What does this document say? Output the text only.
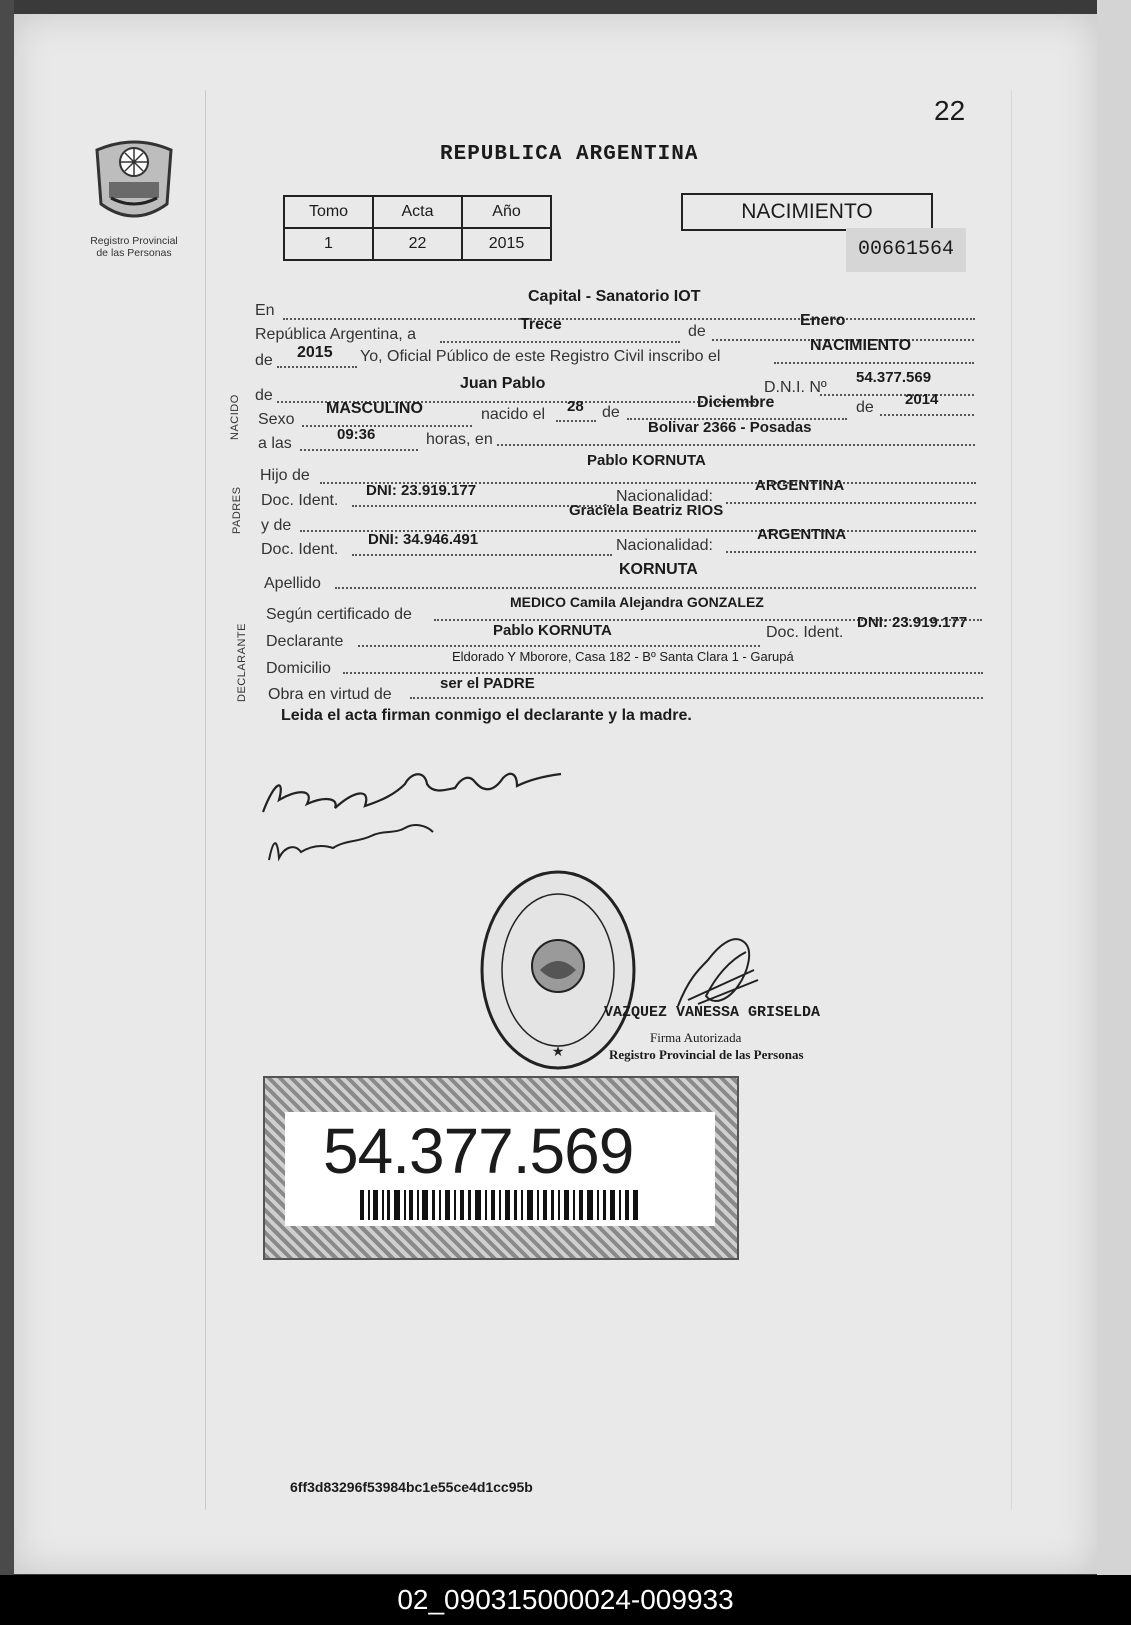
22
Registro Provincial
de las Personas
REPUBLICA ARGENTINA
Tomo	Acta	Año
1	22	2015
NACIMIENTO
00661564
NACIDO
PADRES
DECLARANTE
En
Capital - Sanatorio IOT
República Argentina, a
Trece	de
Enero
de 2015 Yo, Oficial Público de este Registro Civil inscribo el
NACIMIENTO
de
Juan Pablo	D.N.I. Nº
54.377.569
Sexo
MASCULINO	nacido el 28 de
Diciembre	de 2014
a las
09:36	horas, en
Bolivar 2366 - Posadas
Hijo de
Pablo KORNUTA
Doc. Ident.
DNI: 23.919.177	Nacionalidad:
ARGENTINA
y de
Graciela Beatriz RIOS
Doc. Ident.
DNI: 34.946.491	Nacionalidad:
ARGENTINA
Apellido
KORNUTA
Según certificado de
MEDICO Camila Alejandra GONZALEZ
Declarante
Pablo KORNUTA	Doc. Ident.
DNI: 23.919.177
Domicilio
Eldorado Y Mbororе, Casa 182 - Bº Santa Clara 1 - Garupá
Obra en virtud de
ser el PADRE
Leida el acta firman conmigo el declarante y la madre.
★
VAZQUEZ VANESSA GRISELDA
Firma Autorizada
Registro Provincial de las Personas
54.377.569
6ff3d83296f53984bc1e55ce4d1cc95b
02_090315000024-009933
